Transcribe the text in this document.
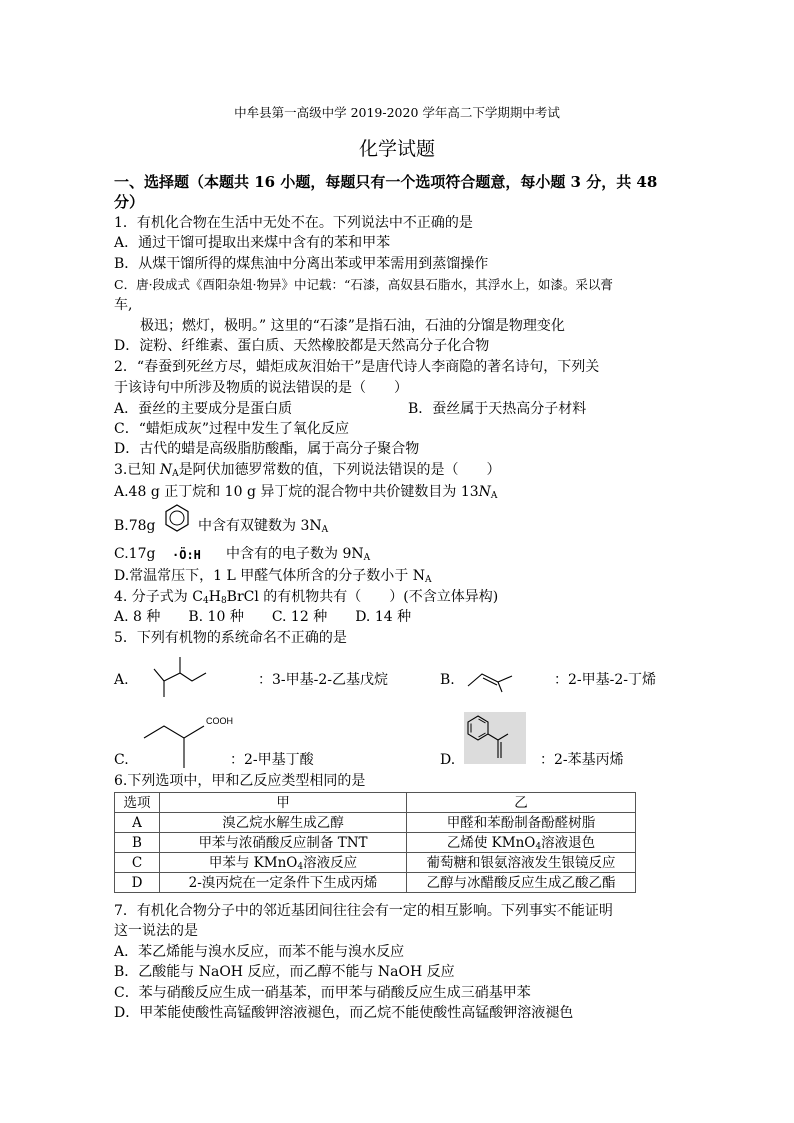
中牟县第一高级中学 2019-2020 学年高二下学期期中考试
化学试题
一、选择题（本题共 16 小题，每题只有一个选项符合题意，每小题 3 分，共 48
分）
1．有机化合物在生活中无处不在。下列说法中不正确的是
A．通过干馏可提取出来煤中含有的苯和甲苯
B．从煤干馏所得的煤焦油中分离出苯或甲苯需用到蒸馏操作
C．唐·段成式《酉阳杂俎·物异》中记载：“石漆，高奴县石脂水，其浮水上，如漆。采以膏
车,
极迅；燃灯，极明。” 这里的“石漆”是指石油，石油的分馏是物理变化
D．淀粉、纤维素、蛋白质、天然橡胶都是天然高分子化合物
2．“春蚕到死丝方尽，蜡炬成灰泪始干”是唐代诗人李商隐的著名诗句，下列关
于该诗句中所涉及物质的说法错误的是（　　）
A．蚕丝的主要成分是蛋白质	B．蚕丝属于天热高分子材料
C．“蜡炬成灰”过程中发生了氧化反应
D．古代的蜡是高级脂肪酸酯，属于高分子聚合物
3.已知 $N_A$是阿伏加德罗常数的值，下列说法错误的是（　　）
A.48 g 正丁烷和 10 g 异丁烷的混合物中共价键数目为 $13N_A$
B.78g	中含有双键数为 $3N_A$
C.17g ·Ö:H 中含有的电子数为 $9N_A$
D.常温常压下，1 L 甲醛气体所含的分子数小于 $N_A$
4. 分子式为 $C_4H_8BrCl$ 的有机物共有（　　）(不含立体异构)
A. 8 种　　B. 10 种　　C. 12 种　　D. 14 种
5．下列有机物的系统命名不正确的是
A.	：3-甲基-2-乙基戊烷	B.	：2-甲基-2-丁烯
C.
COOH
：2-甲基丁酸	D.	：2-苯基丙烯
6.下列选项中，甲和乙反应类型相同的是
选项	甲	乙
A	溴乙烷水解生成乙醇	甲醛和苯酚制备酚醛树脂
B	甲苯与浓硝酸反应制备 TNT	乙烯使 KMnO$_4$溶液退色
C	甲苯与 KMnO$_4$溶液反应	葡萄糖和银氨溶液发生银镜反应
D	2-溴丙烷在一定条件下生成丙烯	乙醇与冰醋酸反应生成乙酸乙酯
7．有机化合物分子中的邻近基团间往往会有一定的相互影响。下列事实不能证明
这一说法的是
A．苯乙烯能与溴水反应，而苯不能与溴水反应
B．乙酸能与 NaOH 反应，而乙醇不能与 NaOH 反应
C．苯与硝酸反应生成一硝基苯，而甲苯与硝酸反应生成三硝基甲苯
D．甲苯能使酸性高锰酸钾溶液褪色，而乙烷不能使酸性高锰酸钾溶液褪色
